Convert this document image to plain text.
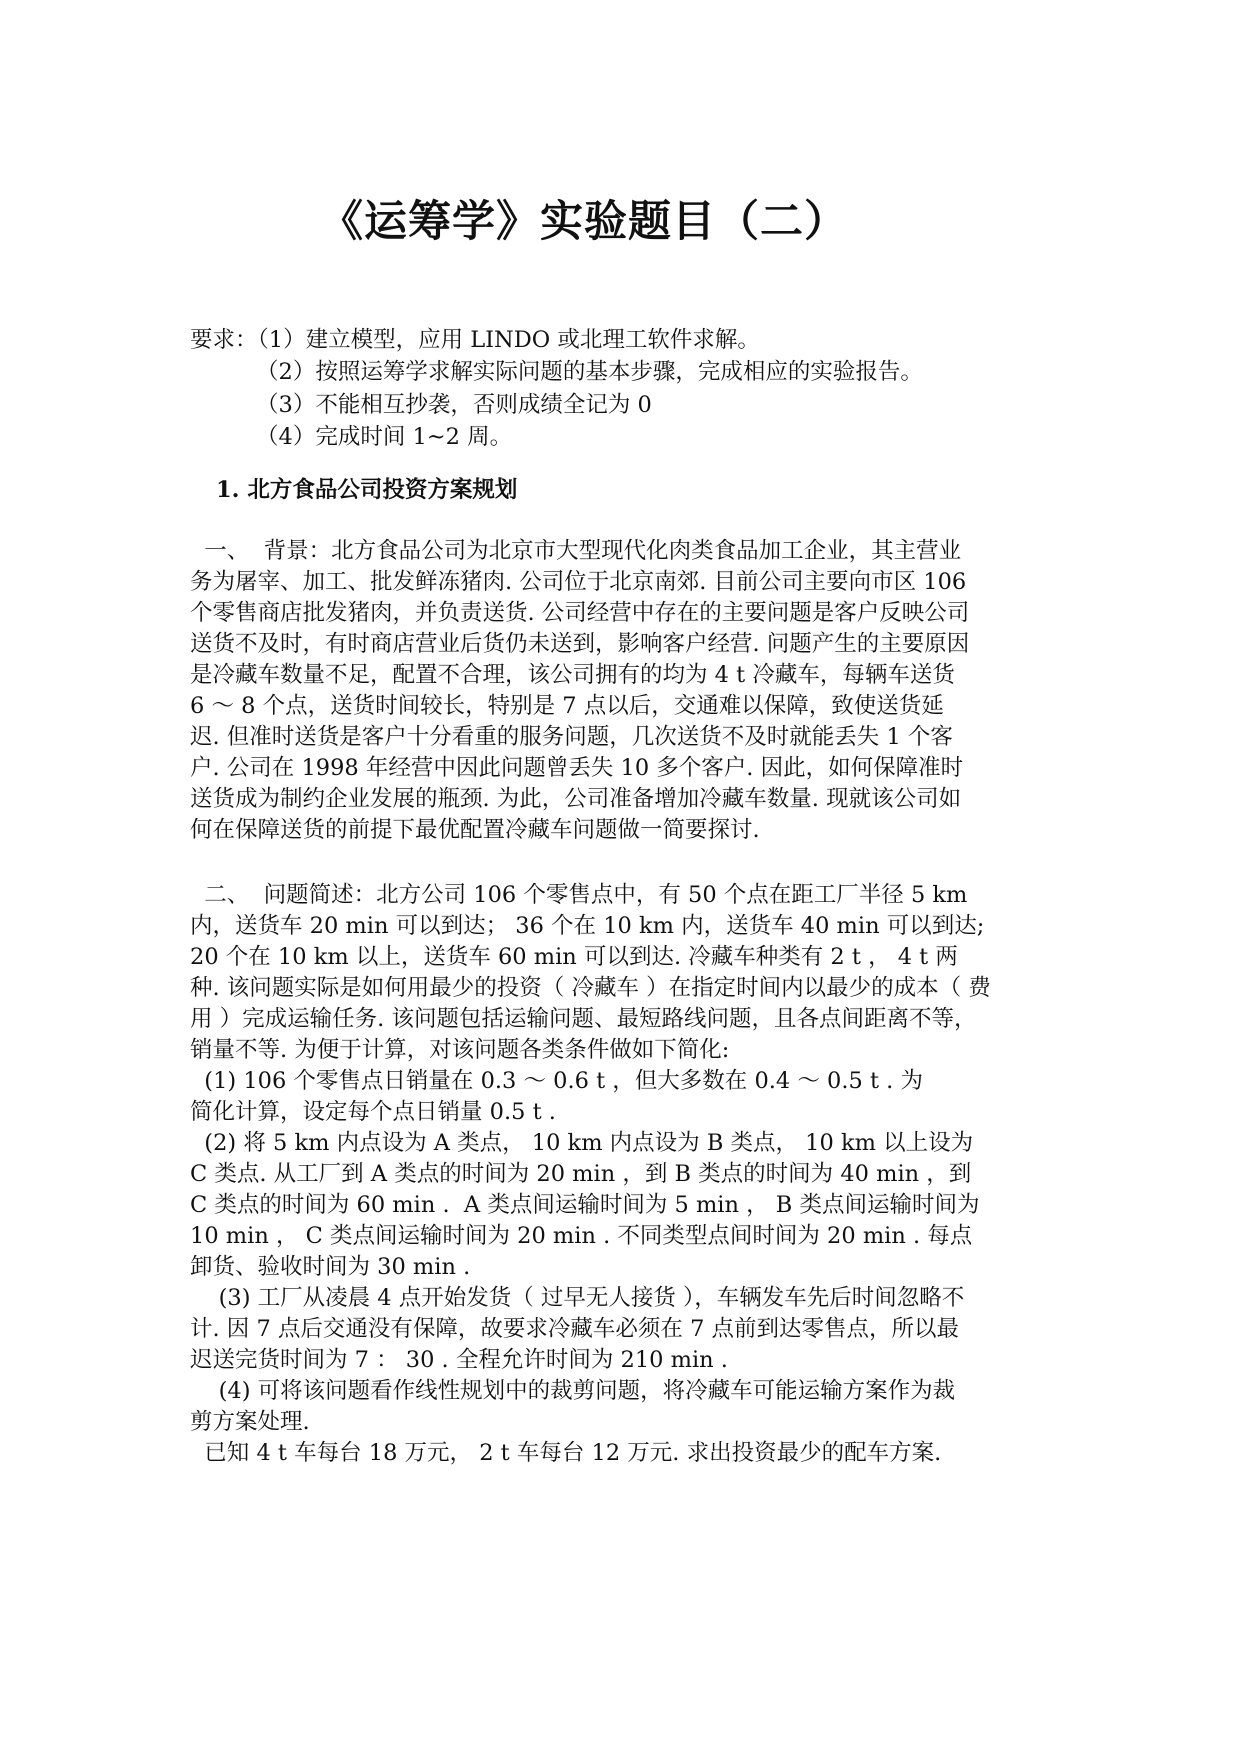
《运筹学》实验题目（二）

要求：（1）建立模型，应用 LINDO 或北理工软件求解。

（2）按照运筹学求解实际问题的基本步骤，完成相应的实验报告。

（3）不能相互抄袭，否则成绩全记为 0

（4）完成时间 1~2 周。

1. 北方食品公司投资方案规划

一、  背景：北方食品公司为北京市大型现代化肉类食品加工企业，其主营业

务为屠宰、加工、批发鲜冻猪肉. 公司位于北京南郊. 目前公司主要向市区 106

个零售商店批发猪肉，并负责送货. 公司经营中存在的主要问题是客户反映公司

送货不及时，有时商店营业后货仍未送到，影响客户经营. 问题产生的主要原因

是冷藏车数量不足，配置不合理，该公司拥有的均为 4 t 冷藏车，每辆车送货

6 ～ 8 个点，送货时间较长，特别是 7 点以后，交通难以保障，致使送货延

迟. 但准时送货是客户十分看重的服务问题，几次送货不及时就能丢失 1 个客

户. 公司在 1998 年经营中因此问题曾丢失 10 多个客户. 因此，如何保障准时

送货成为制约企业发展的瓶颈. 为此，公司准备增加冷藏车数量. 现就该公司如

何在保障送货的前提下最优配置冷藏车问题做一简要探讨.

二、  问题简述：北方公司 106 个零售点中，有 50 个点在距工厂半径 5 km

内，送货车 20 min 可以到达； 36 个在 10 km 内，送货车 40 min 可以到达;

20 个在 10 km 以上，送货车 60 min 可以到达. 冷藏车种类有 2 t ， 4 t 两

种. 该问题实际是如何用最少的投资（ 冷藏车 ）在指定时间内以最少的成本（ 费

用 ）完成运输任务. 该问题包括运输问题、最短路线问题，且各点间距离不等，

销量不等. 为便于计算，对该问题各类条件做如下简化:

(1) 106 个零售点日销量在 0.3 ～ 0.6 t ，但大多数在 0.4 ～ 0.5 t . 为

简化计算，设定每个点日销量 0.5 t .

(2) 将 5 km 内点设为 A 类点， 10 km 内点设为 B 类点， 10 km 以上设为

C 类点. 从工厂到 A 类点的时间为 20 min ，到 B 类点的时间为 40 min ，到

C 类点的时间为 60 min .  A 类点间运输时间为 5 min ， B 类点间运输时间为

10 min ， C 类点间运输时间为 20 min . 不同类型点间时间为 20 min . 每点

卸货、验收时间为 30 min .

(3) 工厂从凌晨 4 点开始发货（ 过早无人接货 ），车辆发车先后时间忽略不

计. 因 7 点后交通没有保障，故要求冷藏车必须在 7 点前到达零售点，所以最

迟送完货时间为 7 ： 30 . 全程允许时间为 210 min .

(4) 可将该问题看作线性规划中的裁剪问题，将冷藏车可能运输方案作为裁

剪方案处理.

已知 4 t 车每台 18 万元， 2 t 车每台 12 万元. 求出投资最少的配车方案.
